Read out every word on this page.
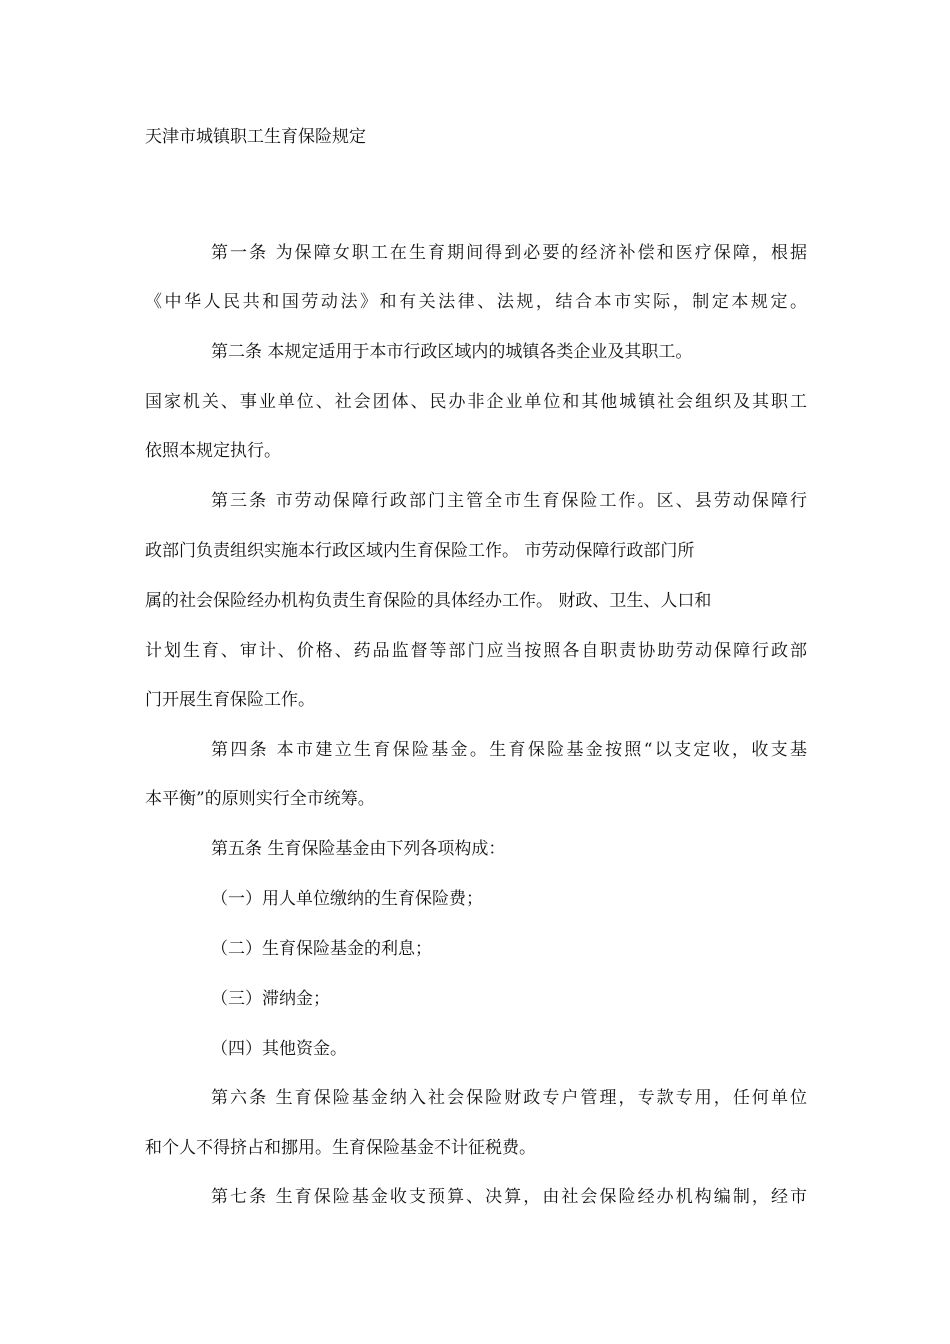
天津市城镇职工生育保险规定
第一条 为保障女职工在生育期间得到必要的经济补偿和医疗保障，根据
《中华人民共和国劳动法》和有关法律、法规，结合本市实际，制定本规定。
第二条 本规定适用于本市行政区域内的城镇各类企业及其职工。
国家机关、事业单位、社会团体、民办非企业单位和其他城镇社会组织及其职工
依照本规定执行。
第三条 市劳动保障行政部门主管全市生育保险工作。区、县劳动保障行
政部门负责组织实施本行政区域内生育保险工作。 市劳动保障行政部门所
属的社会保险经办机构负责生育保险的具体经办工作。 财政、卫生、人口和
计划生育、审计、价格、药品监督等部门应当按照各自职责协助劳动保障行政部
门开展生育保险工作。
第四条 本市建立生育保险基金。生育保险基金按照“以支定收，收支基
本平衡”的原则实行全市统筹。
第五条 生育保险基金由下列各项构成：
（一）用人单位缴纳的生育保险费；
（二）生育保险基金的利息；
（三）滞纳金；
（四）其他资金。
第六条 生育保险基金纳入社会保险财政专户管理，专款专用，任何单位
和个人不得挤占和挪用。生育保险基金不计征税费。
第七条 生育保险基金收支预算、决算，由社会保险经办机构编制，经市
